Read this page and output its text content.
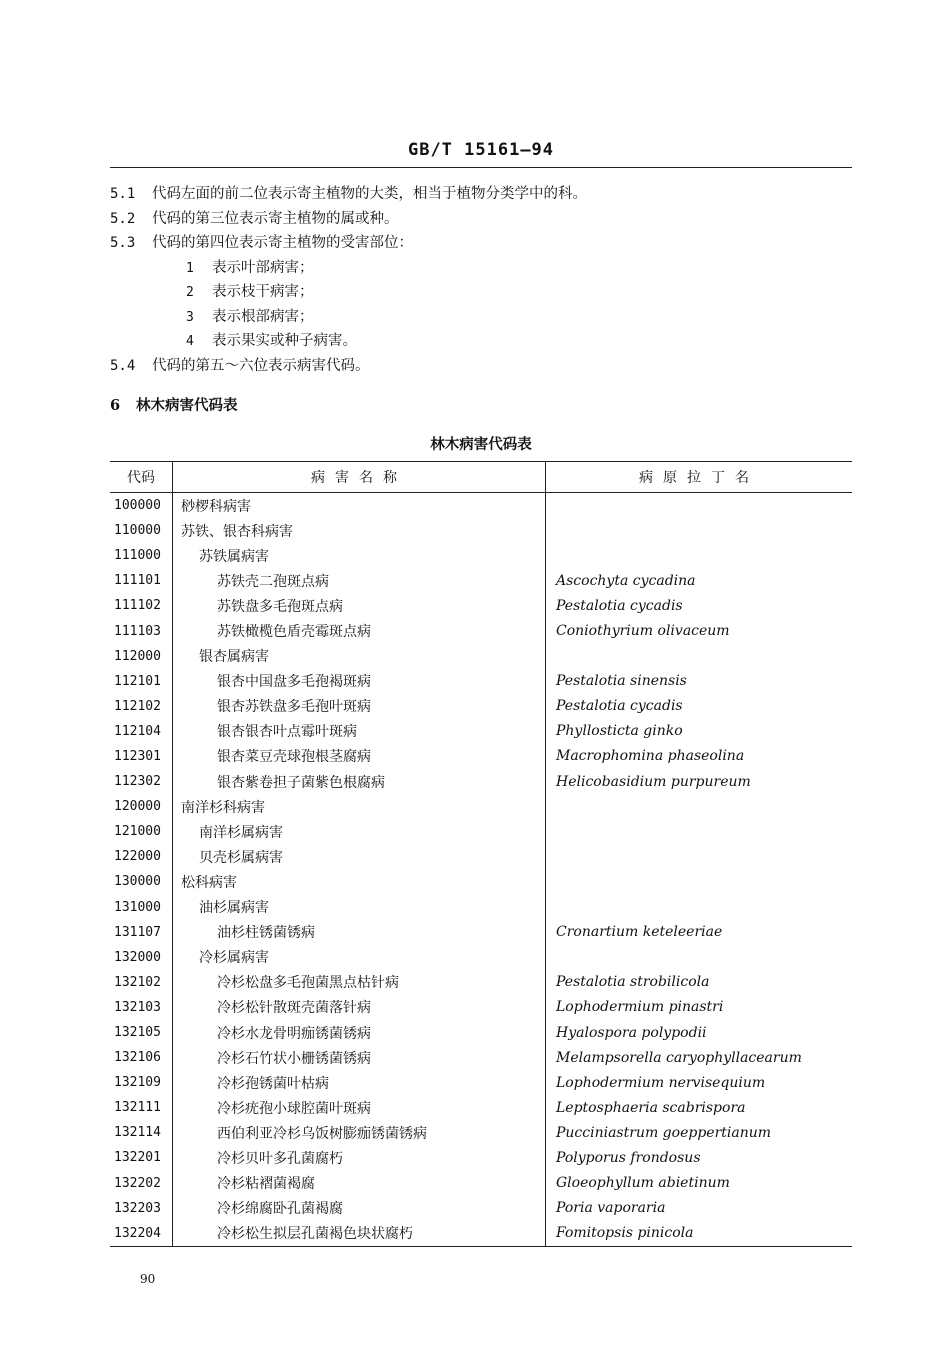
GB/T 15161—94
5.1 代码左面的前二位表示寄主植物的大类，相当于植物分类学中的科。
5.2 代码的第三位表示寄主植物的属或种。
5.3 代码的第四位表示寄主植物的受害部位：
1 表示叶部病害；
2 表示枝干病害；
3 表示根部病害；
4 表示果实或种子病害。
5.4 代码的第五～六位表示病害代码。
6 林木病害代码表
林木病害代码表
代码	病害名称	病原拉丁名
100000	桫椤科病害	
110000	苏铁、银杏科病害	
111000	苏铁属病害	
111101	苏铁壳二孢斑点病	Ascochyta cycadina
111102	苏铁盘多毛孢斑点病	Pestalotia cycadis
111103	苏铁橄榄色盾壳霉斑点病	Coniothyrium olivaceum
112000	银杏属病害	
112101	银杏中国盘多毛孢褐斑病	Pestalotia sinensis
112102	银杏苏铁盘多毛孢叶斑病	Pestalotia cycadis
112104	银杏银杏叶点霉叶斑病	Phyllosticta ginko
112301	银杏菜豆壳球孢根茎腐病	Macrophomina phaseolina
112302	银杏紫卷担子菌紫色根腐病	Helicobasidium purpureum
120000	南洋杉科病害	
121000	南洋杉属病害	
122000	贝壳杉属病害	
130000	松科病害	
131000	油杉属病害	
131107	油杉柱锈菌锈病	Cronartium keteleeriae
132000	冷杉属病害	
132102	冷杉松盘多毛孢菌黑点枯针病	Pestalotia strobilicola
132103	冷杉松针散斑壳菌落针病	Lophodermium pinastri
132105	冷杉水龙骨明痂锈菌锈病	Hyalospora polypodii
132106	冷杉石竹状小栅锈菌锈病	Melampsorella caryophyllacearum
132109	冷杉孢锈菌叶枯病	Lophodermium nervisequium
132111	冷杉疣孢小球腔菌叶斑病	Leptosphaeria scabrispora
132114	西伯利亚冷杉乌饭树膨痂锈菌锈病	Pucciniastrum goeppertianum
132201	冷杉贝叶多孔菌腐朽	Polyporus frondosus
132202	冷杉粘褶菌褐腐	Gloeophyllum abietinum
132203	冷杉绵腐卧孔菌褐腐	Poria vaporaria
132204	冷杉松生拟层孔菌褐色块状腐朽	Fomitopsis pinicola
90
